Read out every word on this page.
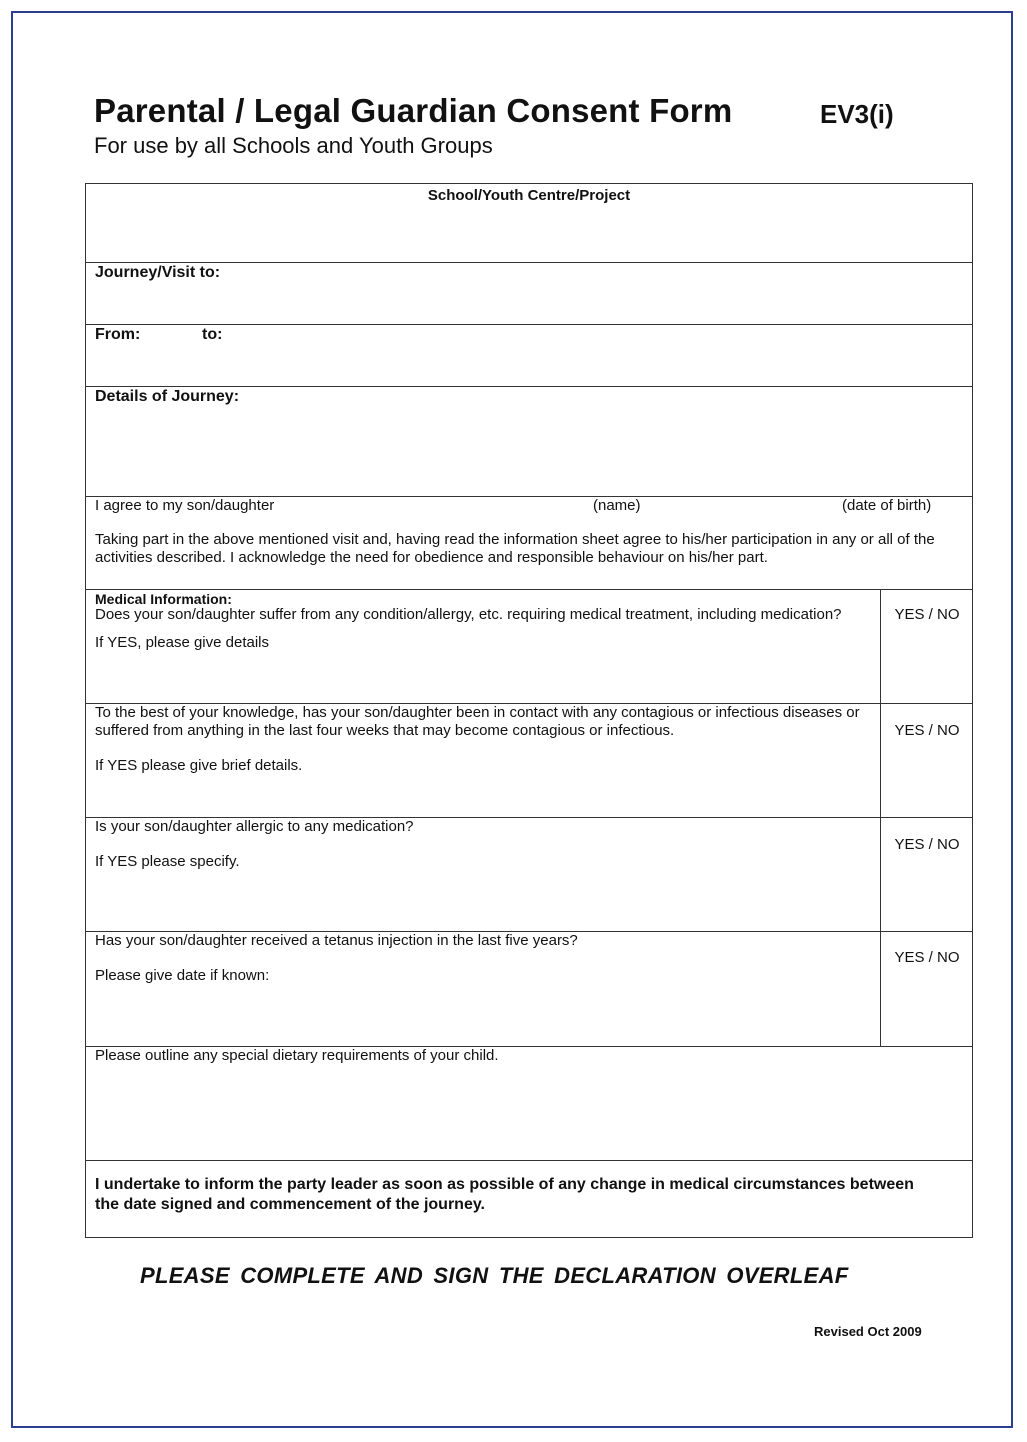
Parental / Legal Guardian Consent Form	EV3(i)
For use by all Schools and Youth Groups
School/Youth Centre/Project
Journey/Visit to:
From:	to:
Details of Journey:
I agree to my son/daughter	(name)	(date of birth)
Taking part in the above mentioned visit and, having read the information sheet agree to his/her participation in any or all of the
activities described. I acknowledge the need for obedience and responsible behaviour on his/her part.
Medical Information:
Does your son/daughter suffer from any condition/allergy, etc. requiring medical treatment, including medication?
If YES, please give details
YES / NO
To the best of your knowledge, has your son/daughter been in contact with any contagious or infectious diseases or
suffered from anything in the last four weeks that may become contagious or infectious.
If YES please give brief details.
YES / NO
Is your son/daughter allergic to any medication?
If YES please specify.
YES / NO
Has your son/daughter received a tetanus injection in the last five years?
Please give date if known:
YES / NO
Please outline any special dietary requirements of your child.
I undertake to inform the party leader as soon as possible of any change in medical circumstances between
the date signed and commencement of the journey.
PLEASE COMPLETE AND SIGN THE DECLARATION OVERLEAF
Revised Oct 2009
